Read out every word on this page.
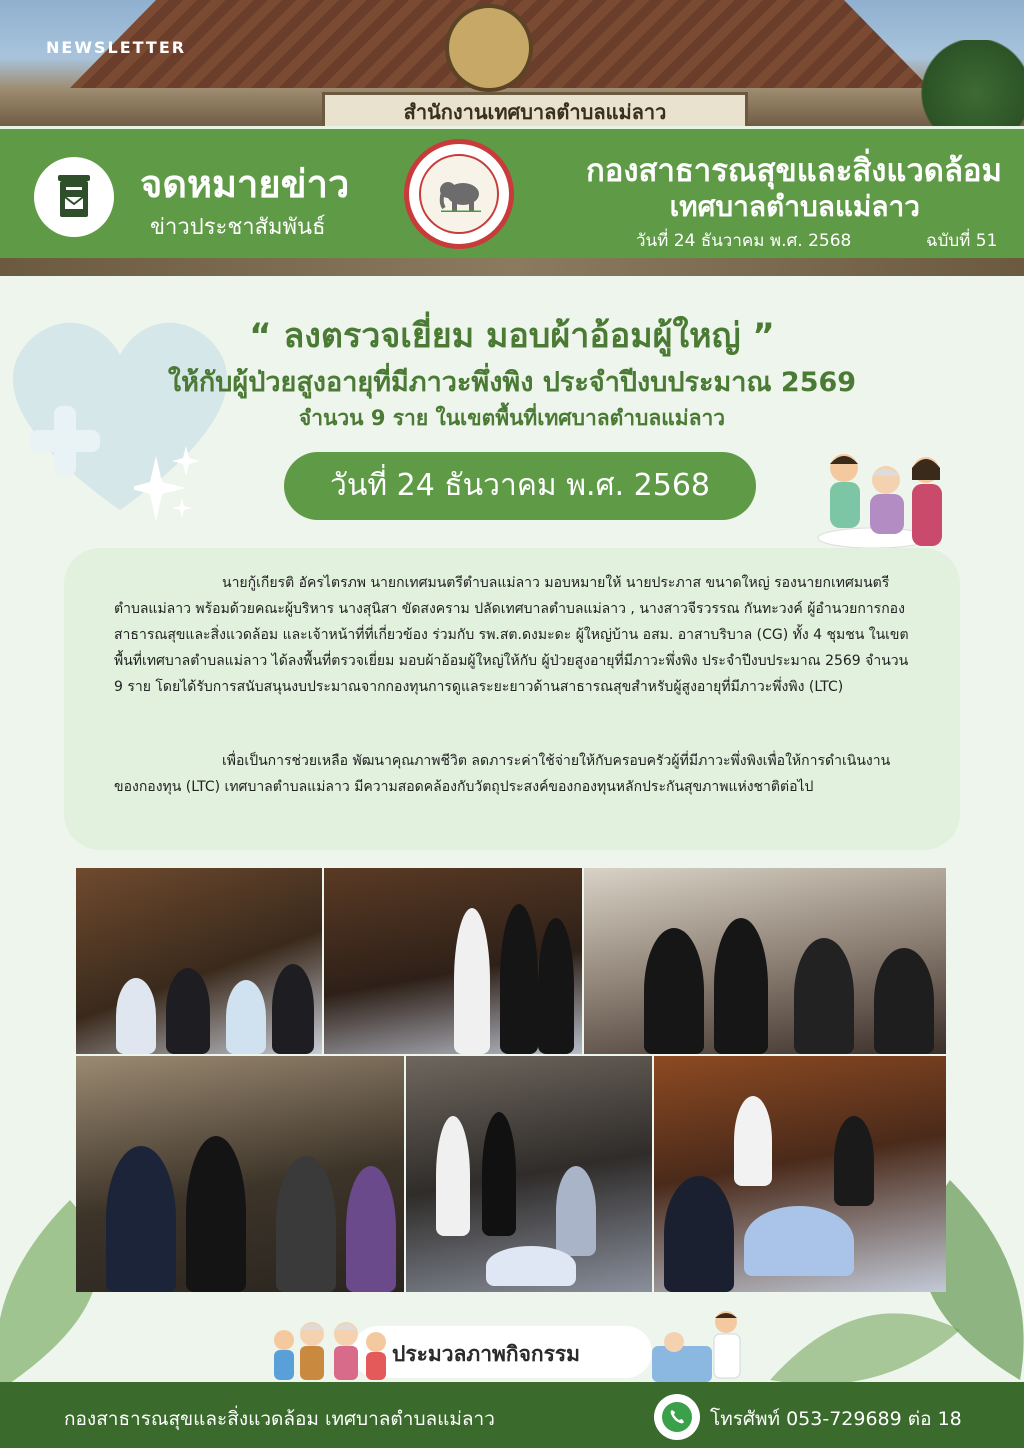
สำนักงานเทศบาลตำบลแม่ลาว
NEWSLETTER
จดหมายข่าว
ข่าวประชาสัมพันธ์
กองสาธารณสุขและสิ่งแวดล้อม
เทศบาลตำบลแม่ลาว
วันที่ 24 ธันวาคม พ.ศ. 2568	ฉบับที่ 51
“ ลงตรวจเยี่ยม มอบผ้าอ้อมผู้ใหญ่ ”
ให้กับผู้ป่วยสูงอายุที่มีภาวะพึ่งพิง ประจำปีงบประมาณ 2569
จำนวน 9 ราย ในเขตพื้นที่เทศบาลตำบลแม่ลาว
วันที่ 24 ธันวาคม พ.ศ. 2568
นายกู้เกียรติ อัครไตรภพ นายกเทศมนตรีตำบลแม่ลาว มอบหมายให้ นายประภาส ขนาดใหญ่ รองนายกเทศมนตรีตำบลแม่ลาว พร้อมด้วยคณะผู้บริหาร นางสุนิสา ขัดสงคราม ปลัดเทศบาลตำบลแม่ลาว , นางสาวจีรวรรณ กันทะวงค์ ผู้อำนวยการกองสาธารณสุขและสิ่งแวดล้อม และเจ้าหน้าที่ที่เกี่ยวข้อง ร่วมกับ รพ.สต.ดงมะดะ ผู้ใหญ่บ้าน อสม. อาสาบริบาล (CG) ทั้ง 4 ชุมชน ในเขตพื้นที่เทศบาลตำบลแม่ลาว ได้ลงพื้นที่ตรวจเยี่ยม มอบผ้าอ้อมผู้ใหญ่ให้กับ ผู้ป่วยสูงอายุที่มีภาวะพึ่งพิง ประจำปีงบประมาณ 2569 จำนวน 9 ราย โดยได้รับการสนับสนุนงบประมาณจากกองทุนการดูแลระยะยาวด้านสาธารณสุขสำหรับผู้สูงอายุที่มีภาวะพึ่งพิง (LTC)
เพื่อเป็นการช่วยเหลือ พัฒนาคุณภาพชีวิต ลดภาระค่าใช้จ่ายให้กับครอบครัวผู้ที่มีภาวะพึ่งพิงเพื่อให้การดำเนินงานของกองทุน (LTC) เทศบาลตำบลแม่ลาว มีความสอดคล้องกับวัตถุประสงค์ของกองทุนหลักประกันสุขภาพแห่งชาติต่อไป
ประมวลภาพกิจกรรม
กองสาธารณสุขและสิ่งแวดล้อม เทศบาลตำบลแม่ลาว	โทรศัพท์ 053-729689 ต่อ 18
